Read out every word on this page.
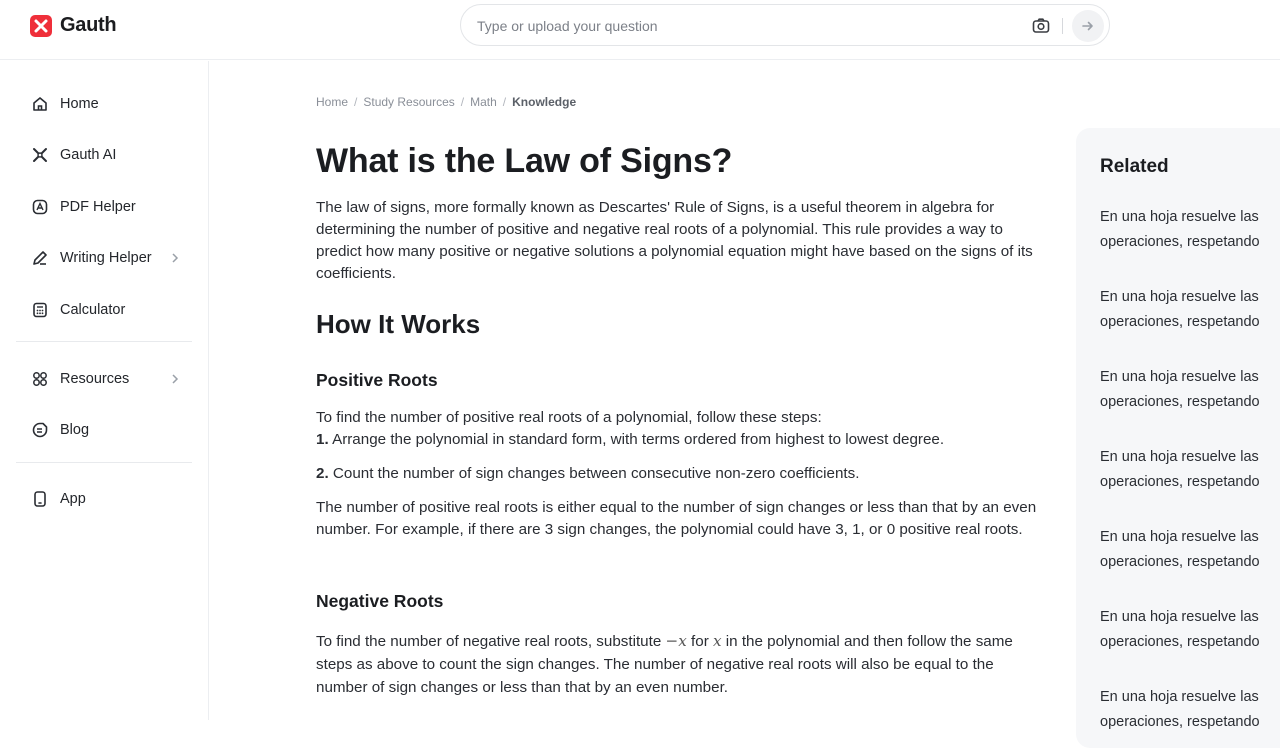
Gauth
Type or upload your question
Home
Gauth AI
PDF Helper
Writing Helper
Calculator
Resources
Blog
App
Home / Study Resources / Math / Knowledge
What is the Law of Signs?

The law of signs, more formally known as Descartes' Rule of Signs, is a useful theorem in algebra for determining the number of positive and negative real roots of a polynomial. This rule provides a way to predict how many positive or negative solutions a polynomial equation might have based on the signs of its coefficients.

How It Works
Positive Roots

To find the number of positive real roots of a polynomial, follow these steps:

1. Arrange the polynomial in standard form, with terms ordered from highest to lowest degree.

2. Count the number of sign changes between consecutive non-zero coefficients.

The number of positive real roots is either equal to the number of sign changes or less than that by an even number. For example, if there are 3 sign changes, the polynomial could have 3, 1, or 0 positive real roots.

Negative Roots

To find the number of negative real roots, substitute −x for x in the polynomial and then follow the same steps as above to count the sign changes. The number of negative real roots will also be equal to the number of sign changes or less than that by an even number.

Related
En una hoja resuelve las
operaciones, respetando
En una hoja resuelve las
operaciones, respetando
En una hoja resuelve las
operaciones, respetando
En una hoja resuelve las
operaciones, respetando
En una hoja resuelve las
operaciones, respetando
En una hoja resuelve las
operaciones, respetando
En una hoja resuelve las
operaciones, respetando
